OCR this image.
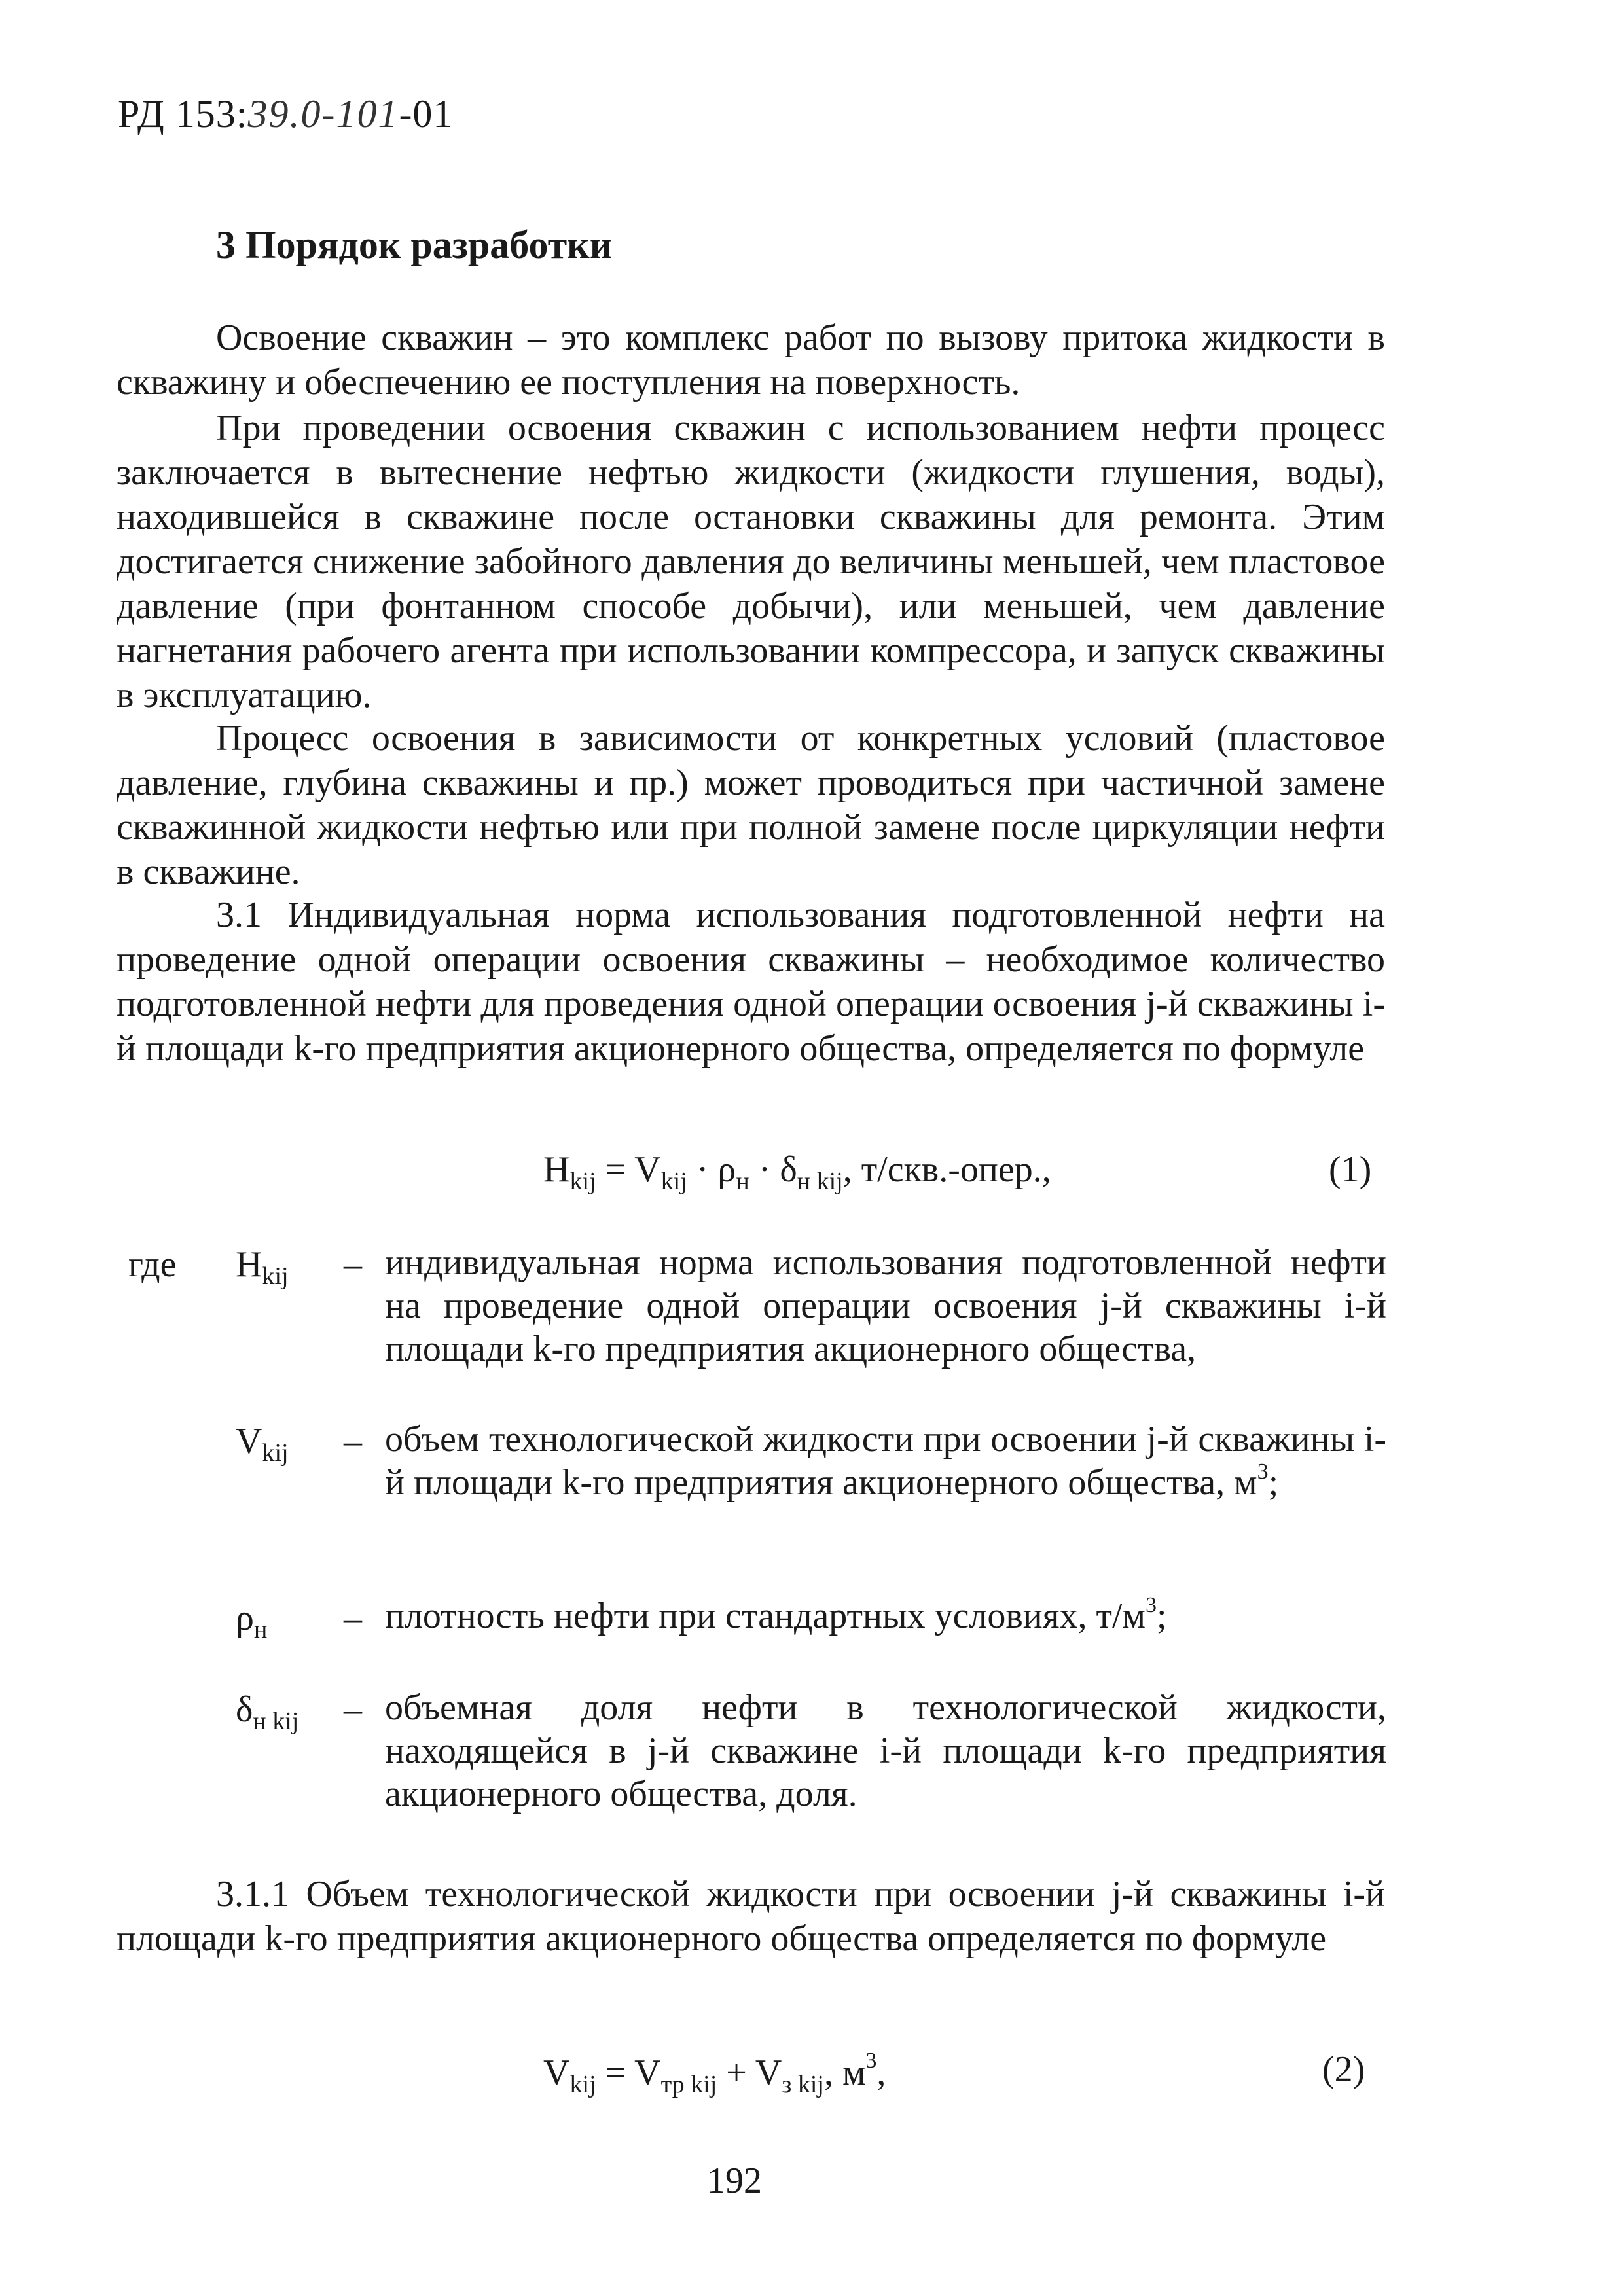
РД 153:39.0-101-01
3 Порядок разработки

Освоение скважин – это комплекс работ по вызову притока жидкости в скважину и обеспечению ее поступления на поверхность.

При проведении освоения скважин с использованием нефти процесс заключается в вытеснение нефтью жидкости (жидкости глушения, воды), находившейся в скважине после остановки скважины для ремонта. Этим достигается снижение забойного давления до величины меньшей, чем пластовое давление (при фонтанном способе добычи), или меньшей, чем давление нагнетания рабочего агента при использовании компрессора, и запуск скважины в эксплуатацию.

Процесс освоения в зависимости от конкретных условий (пластовое давление, глубина скважины и пр.) может проводиться при частичной замене скважинной жидкости нефтью или при полной замене после циркуляции нефти в скважине.

3.1 Индивидуальная норма использования подготовленной нефти на проведение одной операции освоения скважины – необходимое количество подготовленной нефти для проведения одной операции освоения j-й скважины i-й площади k-го предприятия акционерного общества, определяется по формуле

$H_{kij} = V_{kij} \cdot \rho_н \cdot \delta_{н kij}$, т/скв.-опер.,	(1)
где $H_{kij}$ – индивидуальная норма использования подготовленной нефти на проведение одной операции освоения j-й скважины i-й площади k-го предприятия акционерного общества,
$V_{kij}$ – объем технологической жидкости при освоении j-й скважины i-й площади k-го предприятия акционерного общества, $м^3$;
$\rho_н$ – плотность нефти при стандартных условиях, $т/м^3$;
$\delta_{н kij}$ – объемная доля нефти в технологической жидкости, находящейся в j-й скважине i-й площади k-го предприятия акционерного общества, доля.

3.1.1 Объем технологической жидкости при освоении j-й скважины i-й площади k-го предприятия акционерного общества определяется по формуле

$V_{kij} = V_{тр kij} + V_{з kij}$, $м^3$,	(2)
192
